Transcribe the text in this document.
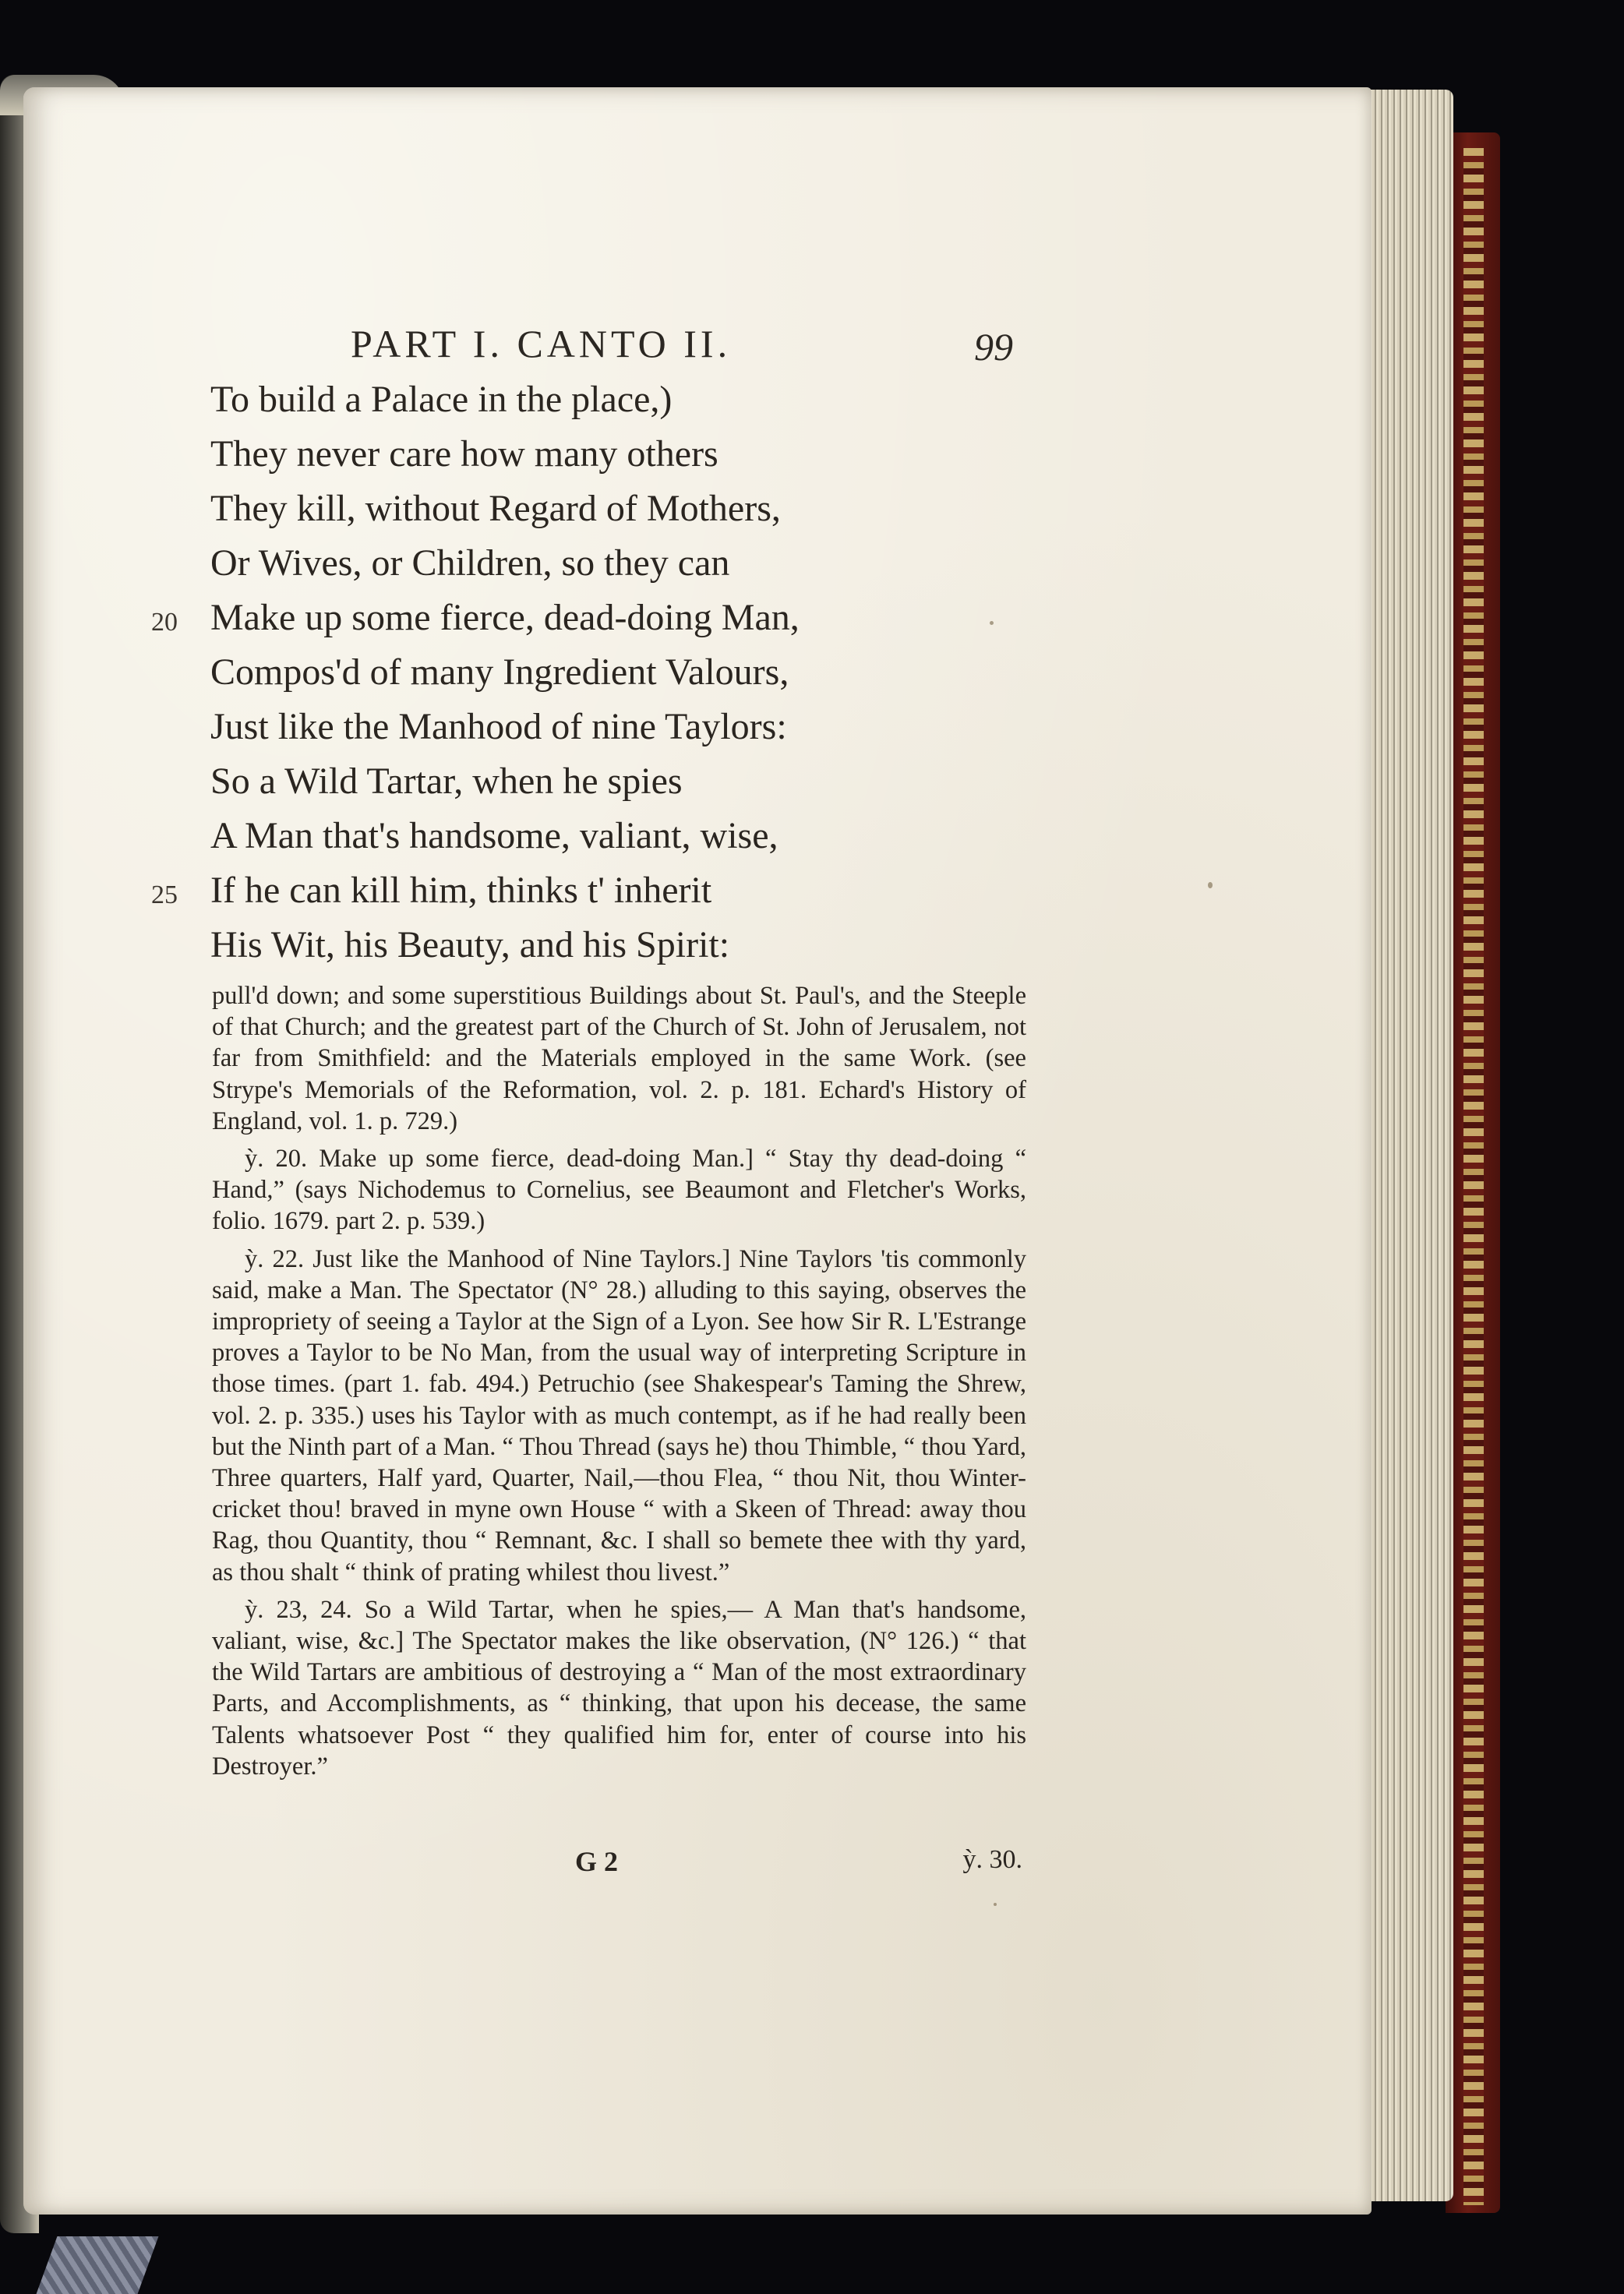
PART I. CANTO II.	99
To build a Palace in the place,)
They never care how many others
They kill, without Regard of Mothers,
Or Wives, or Children, so they can
20 Make up some fierce, dead-doing Man,
Compos'd of many Ingredient Valours,
Just like the Manhood of nine Taylors:
So a Wild Tartar, when he spies
A Man that's handsome, valiant, wise,
25 If he can kill him, thinks t' inherit
His Wit, his Beauty, and his Spirit:

pull'd down; and some superstitious Buildings about St. Paul's, and the Steeple of that Church; and the greatest part of the Church of St. John of Jerusalem, not far from Smithfield: and the Materials employed in the same Work. (see Strype's Memorials of the Reformation, vol. 2. p. 181. Echard's History of England, vol. 1. p. 729.)

ỳ. 20. Make up some fierce, dead-doing Man.] “ Stay thy dead-doing “ Hand,” (says Nichodemus to Cornelius, see Beaumont and Fletcher's Works, folio. 1679. part 2. p. 539.)

ỳ. 22. Just like the Manhood of Nine Taylors.] Nine Taylors 'tis commonly said, make a Man. The Spectator (N° 28.) alluding to this saying, observes the impropriety of seeing a Taylor at the Sign of a Lyon. See how Sir R. L'Estrange proves a Taylor to be No Man, from the usual way of interpreting Scripture in those times. (part 1. fab. 494.) Petruchio (see Shakespear's Taming the Shrew, vol. 2. p. 335.) uses his Taylor with as much contempt, as if he had really been but the Ninth part of a Man. “ Thou Thread (says he) thou Thimble, “ thou Yard, Three quarters, Half yard, Quarter, Nail,—thou Flea, “ thou Nit, thou Winter-cricket thou! braved in myne own House “ with a Skeen of Thread: away thou Rag, thou Quantity, thou “ Remnant, &c. I shall so bemete thee with thy yard, as thou shalt “ think of prating whilest thou livest.”

ỳ. 23, 24. So a Wild Tartar, when he spies,— A Man that's handsome, valiant, wise, &c.] The Spectator makes the like observation, (N° 126.) “ that the Wild Tartars are ambitious of destroying a “ Man of the most extraordinary Parts, and Accomplishments, as “ thinking, that upon his decease, the same Talents whatsoever Post “ they qualified him for, enter of course into his Destroyer.”

G 2	ỳ. 30.
